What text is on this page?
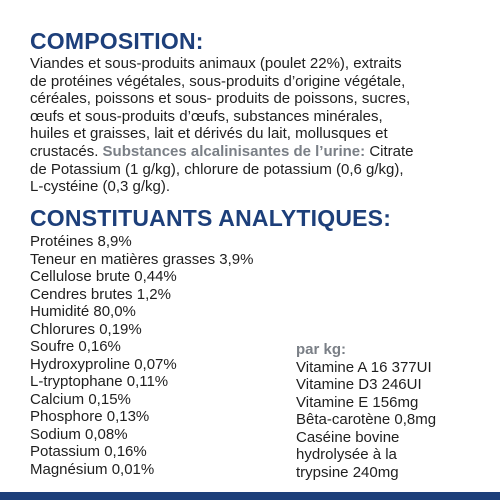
COMPOSITION:
Viandes et sous-produits animaux (poulet 22%), extraits
de protéines végétales, sous-produits d’origine végétale,
céréales, poissons et sous- produits de poissons, sucres,
œufs et sous-produits d’œufs, substances minérales,
huiles et graisses, lait et dérivés du lait, mollusques et
crustacés. Substances alcalinisantes de l’urine: Citrate
de Potassium (1 g/kg), chlorure de potassium (0,6 g/kg),
L-cystéine (0,3 g/kg).
CONSTITUANTS ANALYTIQUES:
Protéines 8,9%
Teneur en matières grasses 3,9%
Cellulose brute 0,44%
Cendres brutes 1,2%
Humidité 80,0%
Chlorures 0,19%
Soufre 0,16%
Hydroxyproline 0,07%
L-tryptophane 0,11%
Calcium 0,15%
Phosphore 0,13%
Sodium 0,08%
Potassium 0,16%
Magnésium 0,01%
par kg:
Vitamine A 16 377UI
Vitamine D3 246UI
Vitamine E 156mg
Bêta-carotène 0,8mg
Caséine bovine
hydrolysée à la
trypsine 240mg
